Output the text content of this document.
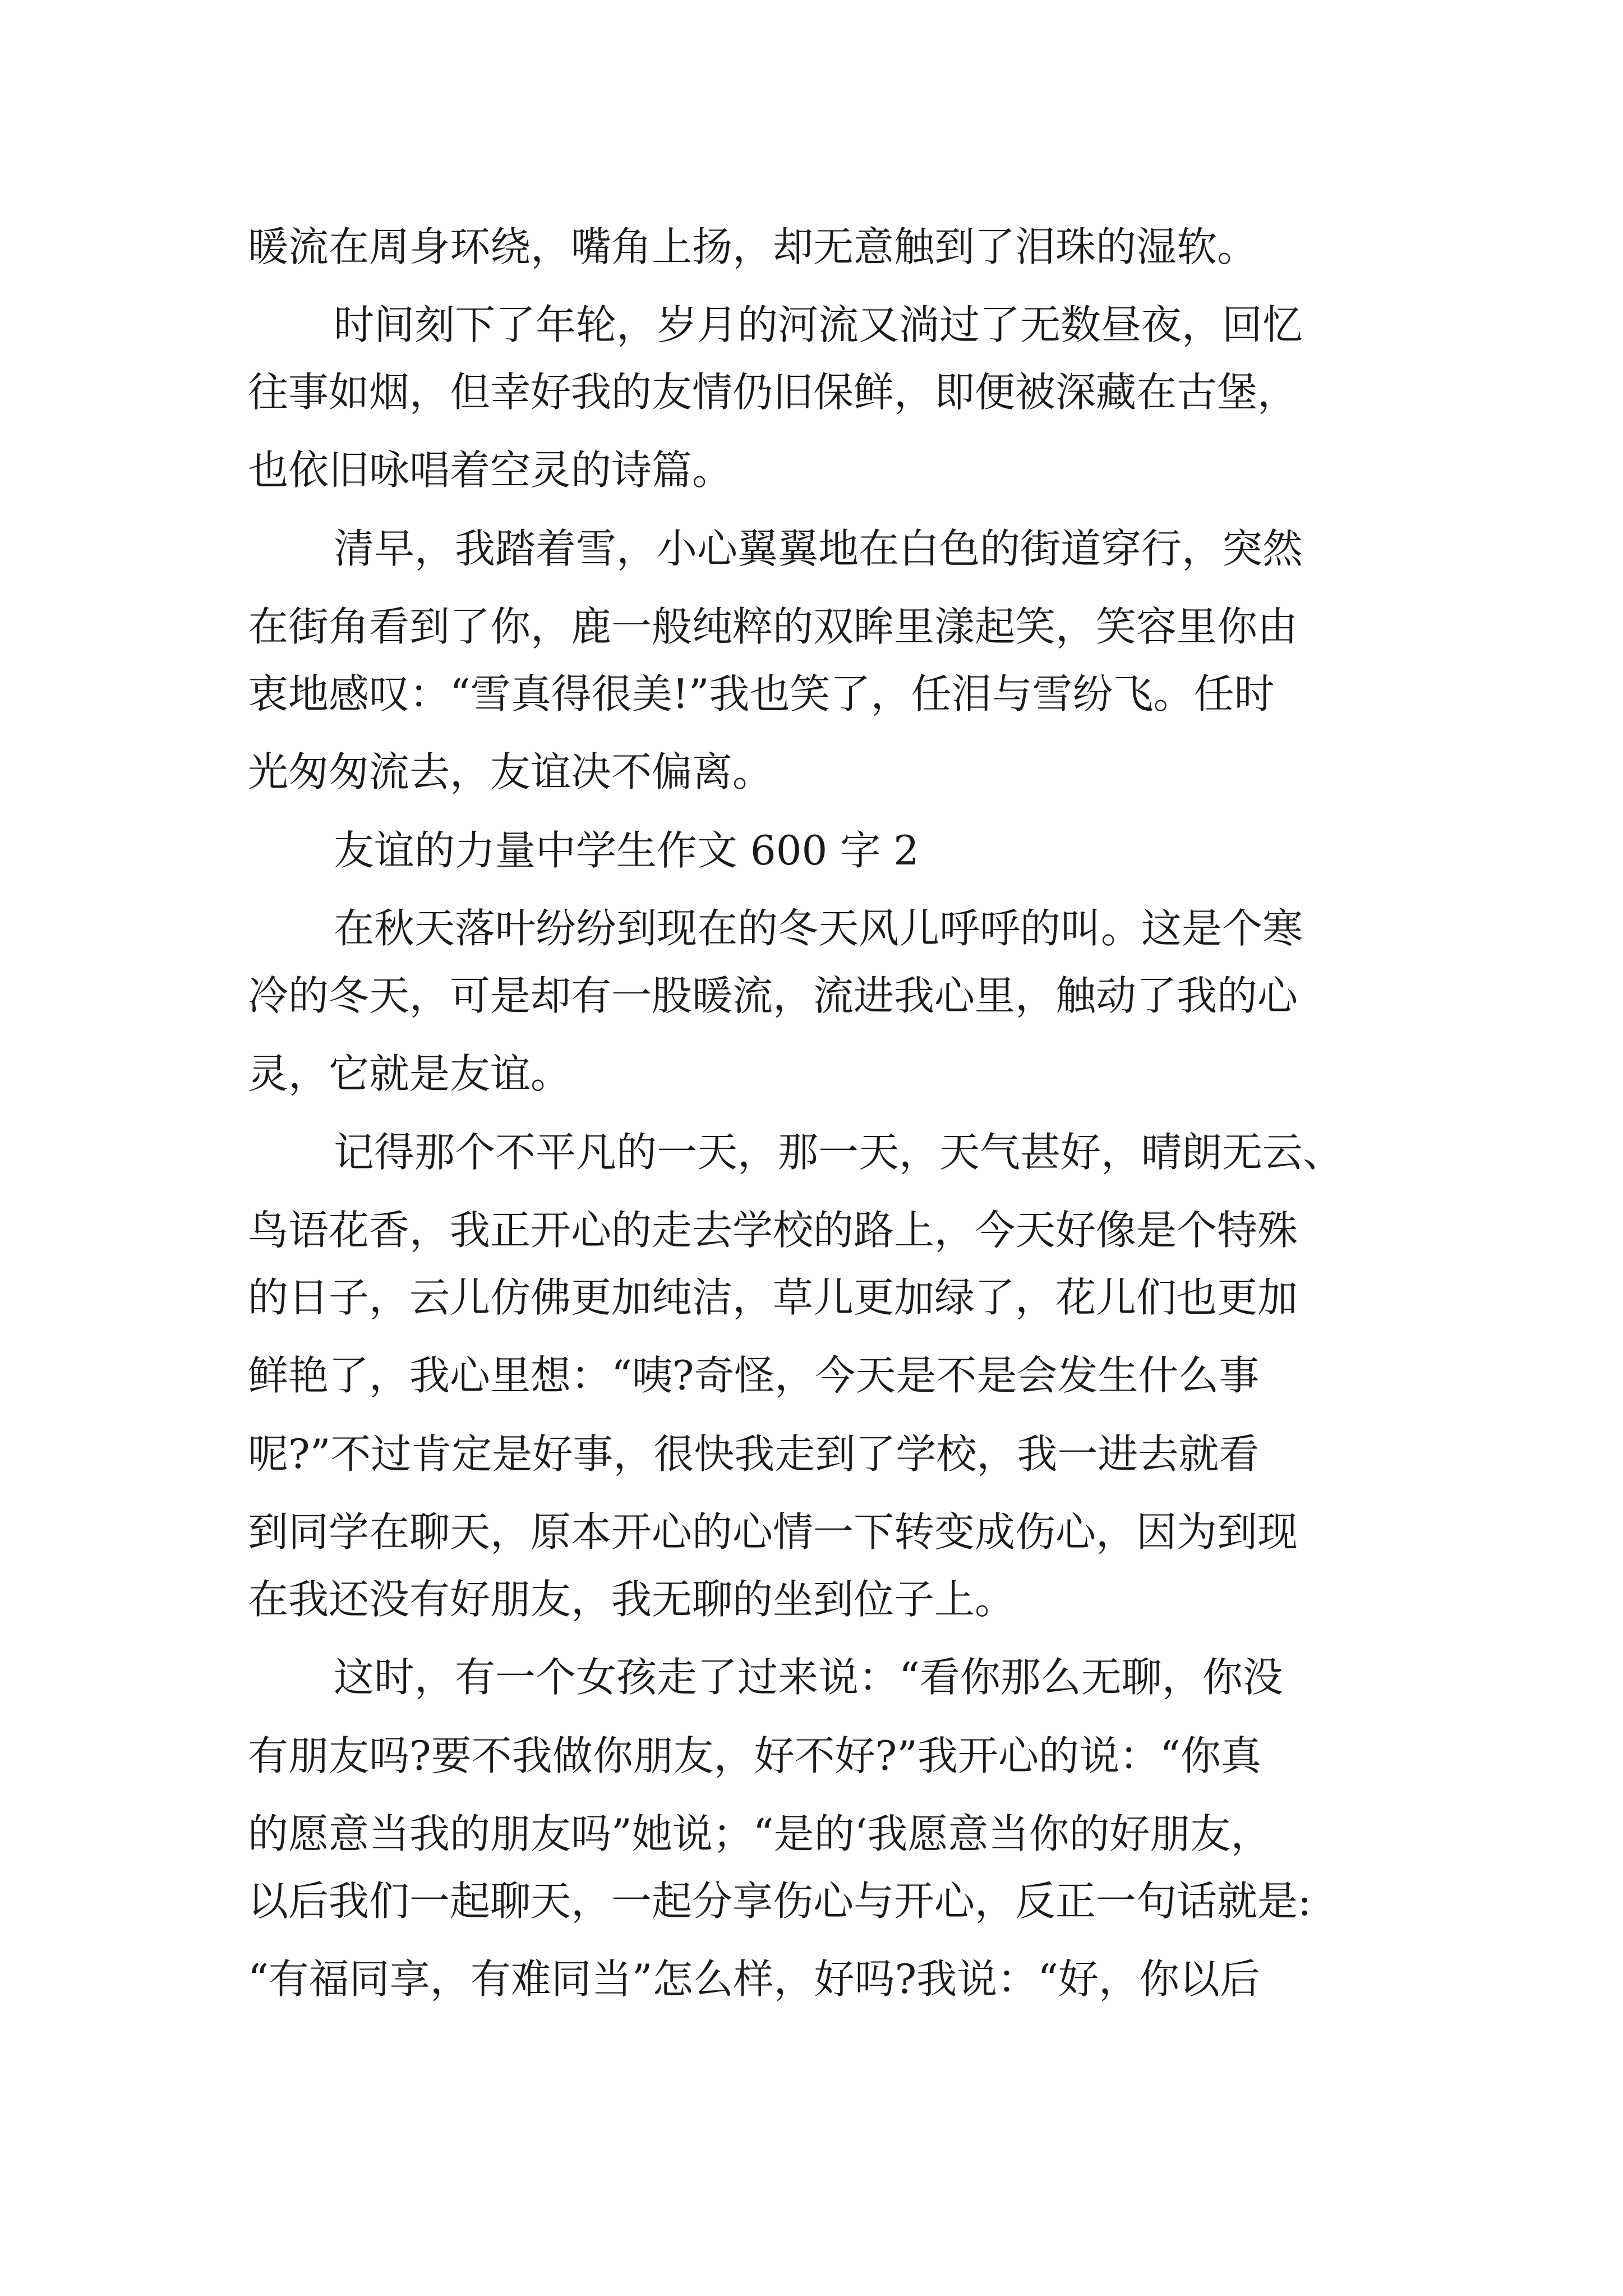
暖流在周身环绕，嘴角上扬，却无意触到了泪珠的湿软。
时间刻下了年轮，岁月的河流又淌过了无数昼夜，回忆
往事如烟，但幸好我的友情仍旧保鲜，即便被深藏在古堡，
也依旧咏唱着空灵的诗篇。
清早，我踏着雪，小心翼翼地在白色的街道穿行，突然
在街角看到了你，鹿一般纯粹的双眸里漾起笑，笑容里你由
衷地感叹：“雪真得很美!”我也笑了，任泪与雪纷飞。任时
光匆匆流去，友谊决不偏离。
友谊的力量中学生作文 600 字 2
在秋天落叶纷纷到现在的冬天风儿呼呼的叫。这是个寒
冷的冬天，可是却有一股暖流，流进我心里，触动了我的心
灵，它就是友谊。
记得那个不平凡的一天，那一天，天气甚好，晴朗无云、
鸟语花香，我正开心的走去学校的路上，今天好像是个特殊
的日子，云儿仿佛更加纯洁，草儿更加绿了，花儿们也更加
鲜艳了，我心里想：“咦?奇怪，今天是不是会发生什么事
呢?”不过肯定是好事，很快我走到了学校，我一进去就看
到同学在聊天，原本开心的心情一下转变成伤心，因为到现
在我还没有好朋友，我无聊的坐到位子上。
这时，有一个女孩走了过来说：“看你那么无聊，你没
有朋友吗?要不我做你朋友，好不好?”我开心的说：“你真
的愿意当我的朋友吗”她说；“是的‘我愿意当你的好朋友，
以后我们一起聊天，一起分享伤心与开心，反正一句话就是:
“有福同享，有难同当”怎么样，好吗?我说：“好，你以后
